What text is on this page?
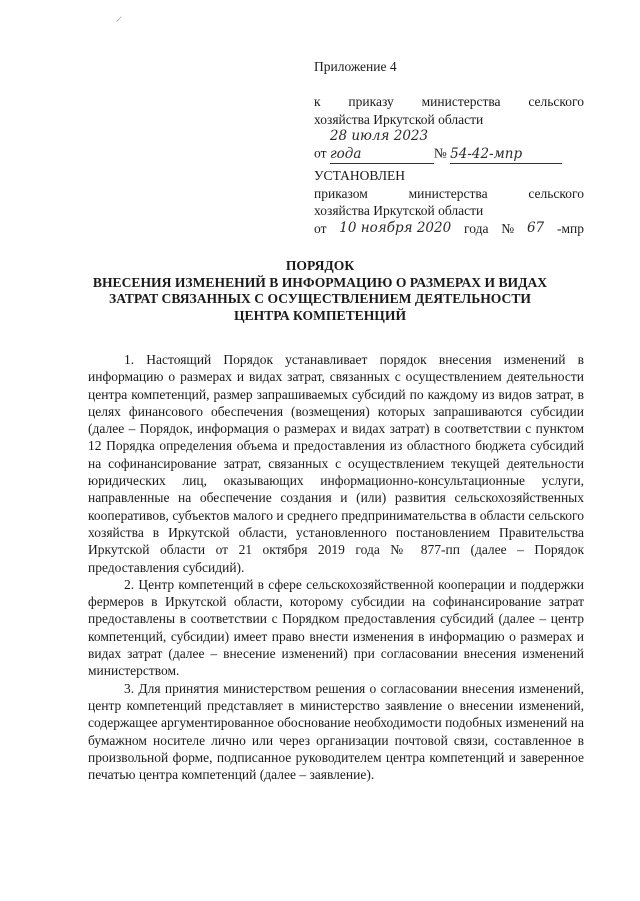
\
Приложение 4
к приказу министерства сельского
хозяйства Иркутской области
от 28 июля 2023 года	№ 54-42-мпр
УСТАНОВЛЕН
приказом	министерства	сельского
хозяйства Иркутской области
от 10 ноября 2020 года № 67 -мпр
ПОРЯДОК
ВНЕСЕНИЯ ИЗМЕНЕНИЙ В ИНФОРМАЦИЮ О РАЗМЕРАХ И ВИДАХ
ЗАТРАТ СВЯЗАННЫХ С ОСУЩЕСТВЛЕНИЕМ ДЕЯТЕЛЬНОСТИ
ЦЕНТРА КОМПЕТЕНЦИЙ

1. Настоящий Порядок устанавливает порядок внесения изменений в информацию о размерах и видах затрат, связанных с осуществлением деятельности центра компетенций, размер запрашиваемых субсидий по каждому из видов затрат, в целях финансового обеспечения (возмещения) которых запрашиваются субсидии (далее – Порядок, информация о размерах и видах затрат) в соответствии с пунктом 12 Порядка определения объема и предоставления из областного бюджета субсидий на софинансирование затрат, связанных с осуществлением текущей деятельности юридических лиц, оказывающих информационно-консультационные услуги, направленные на обеспечение создания и (или) развития сельскохозяйственных кооперативов, субъектов малого и среднего предпринимательства в области сельского хозяйства в Иркутской области, установленного постановлением Правительства Иркутской области от 21 октября 2019 года № 877-пп (далее – Порядок предоставления субсидий).

2. Центр компетенций в сфере сельскохозяйственной кооперации и поддержки фермеров в Иркутской области, которому субсидии на софинансирование затрат предоставлены в соответствии с Порядком предоставления субсидий (далее – центр компетенций, субсидии) имеет право внести изменения в информацию о размерах и видах затрат (далее – внесение изменений) при согласовании внесения изменений министерством.

3. Для принятия министерством решения о согласовании внесения изменений, центр компетенций представляет в министерство заявление о внесении изменений, содержащее аргументированное обоснование необходимости подобных изменений на бумажном носителе лично или через организации почтовой связи, составленное в произвольной форме, подписанное руководителем центра компетенций и заверенное печатью центра компетенций (далее – заявление).
